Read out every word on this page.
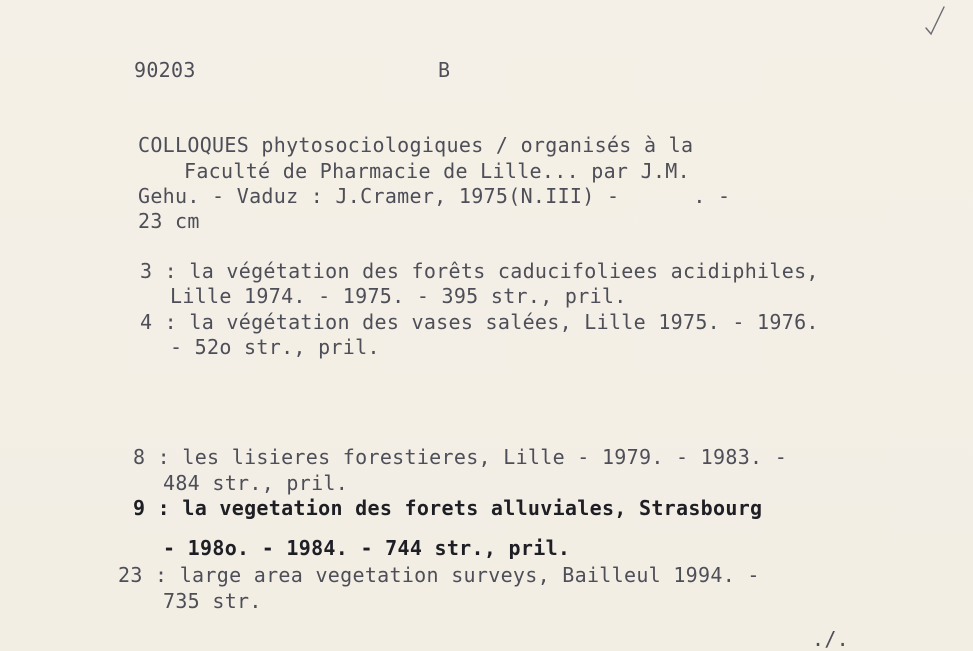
90203	B
COLLOQUES phytosociologiques / organisés à la
Faculté de Pharmacie de Lille... par J.M.
Gehu. - Vaduz : J.Cramer, 1975(N.III) -      . -
23 cm
3 : la végétation des forêts caducifoliees acidiphiles,
Lille 1974. - 1975. - 395 str., pril.
4 : la végétation des vases salées, Lille 1975. - 1976.
- 52o str., pril.
8 : les lisieres forestieres, Lille - 1979. - 1983. -
484 str., pril.
9 : la vegetation des forets alluviales, Strasbourg
- 198o. - 1984. - 744 str., pril.
23 : large area vegetation surveys, Bailleul 1994. -
735 str.
./.
